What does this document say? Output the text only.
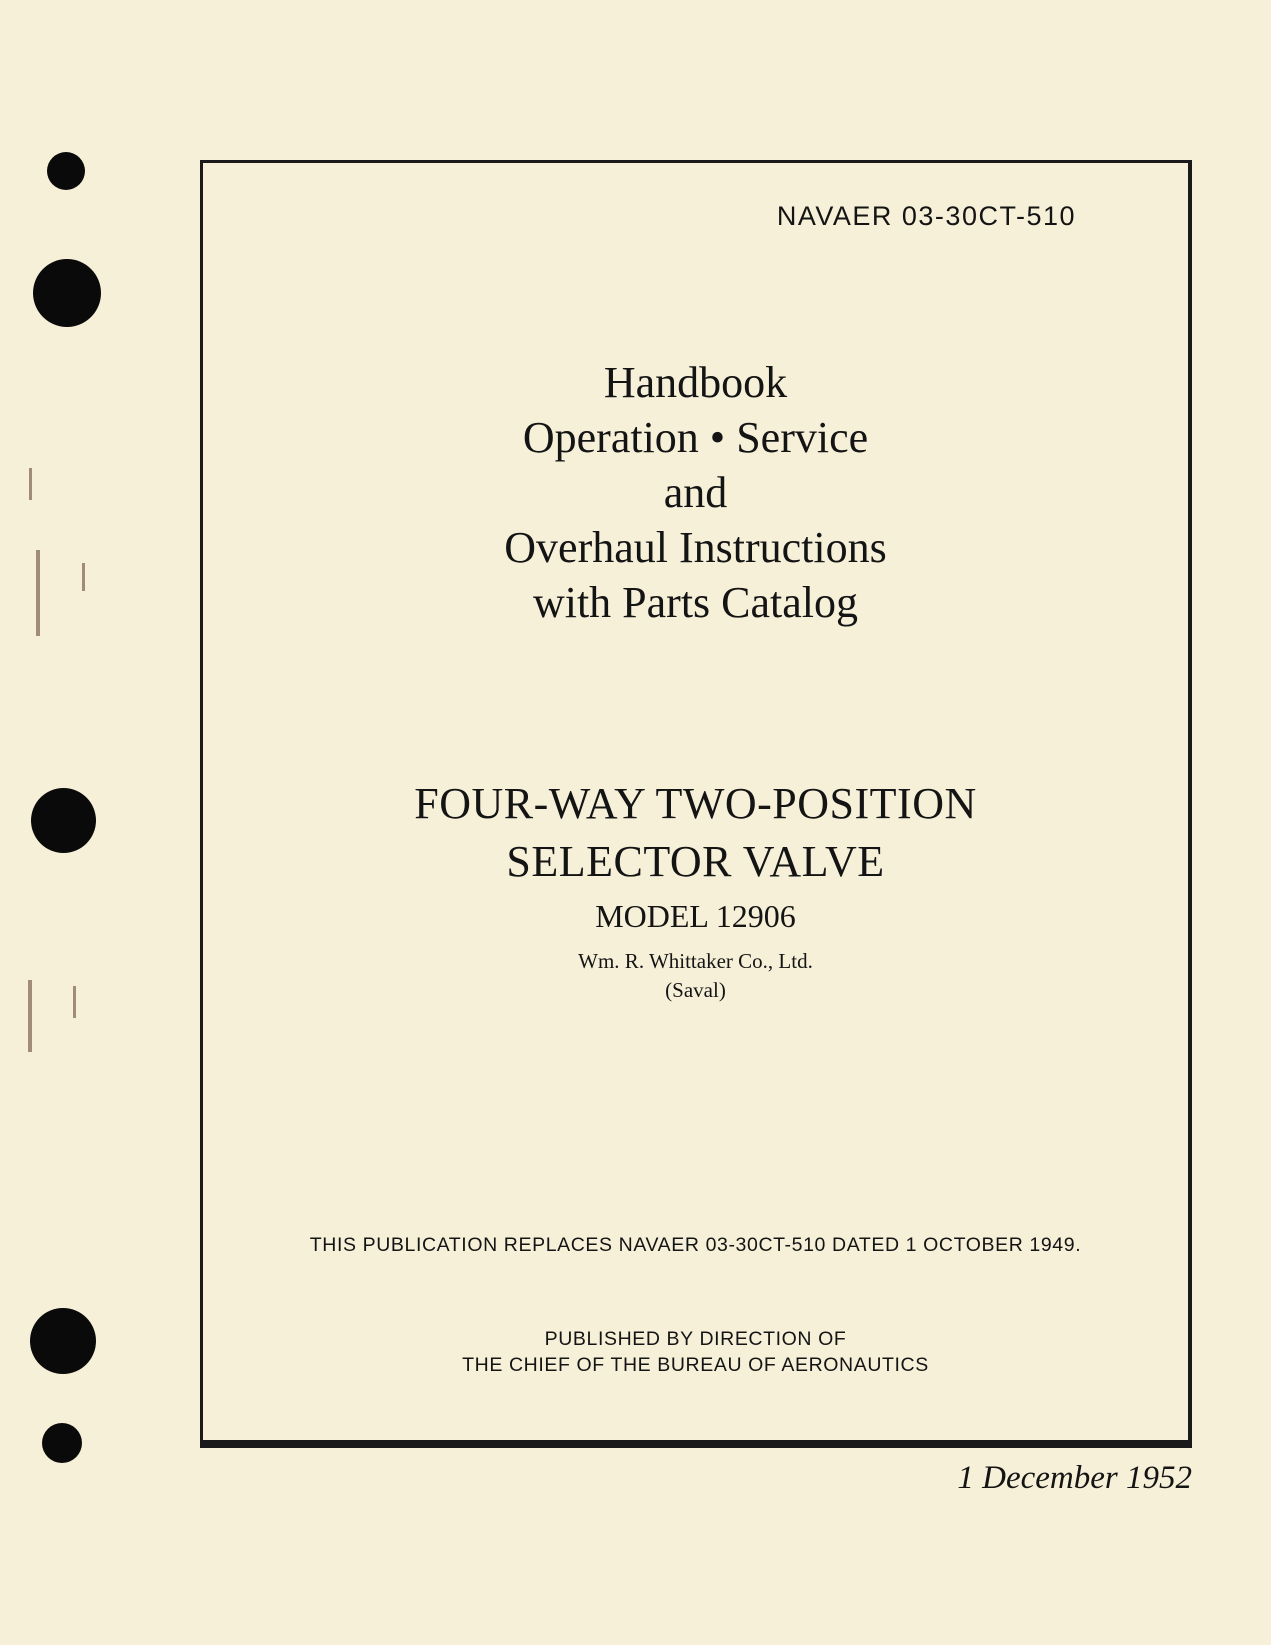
NAVAER 03-30CT-510

Handbook
Operation • Service
and
Overhaul Instructions
with Parts Catalog
FOUR-WAY TWO-POSITION
SELECTOR VALVE
MODEL 12906
Wm. R. Whittaker Co., Ltd.
(Saval)
THIS PUBLICATION REPLACES NAVAER 03-30CT-510 DATED 1 OCTOBER 1949.
PUBLISHED BY DIRECTION OF
THE CHIEF OF THE BUREAU OF AERONAUTICS
1 December 1952
